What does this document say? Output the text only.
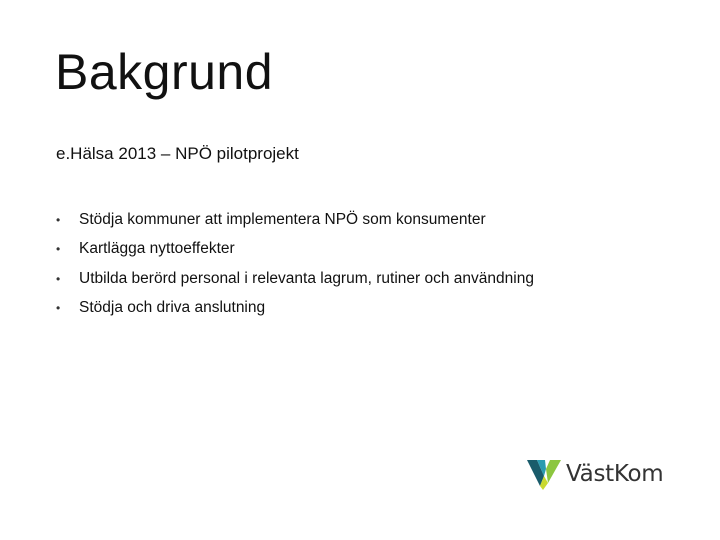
Bakgrund
e.Hälsa 2013 – NPÖ pilotprojekt
•	Stödja kommuner att implementera NPÖ som konsumenter
•	Kartlägga nyttoeffekter
•	Utbilda berörd personal i relevanta lagrum, rutiner och användning
•	Stödja och driva anslutning
VästKom
